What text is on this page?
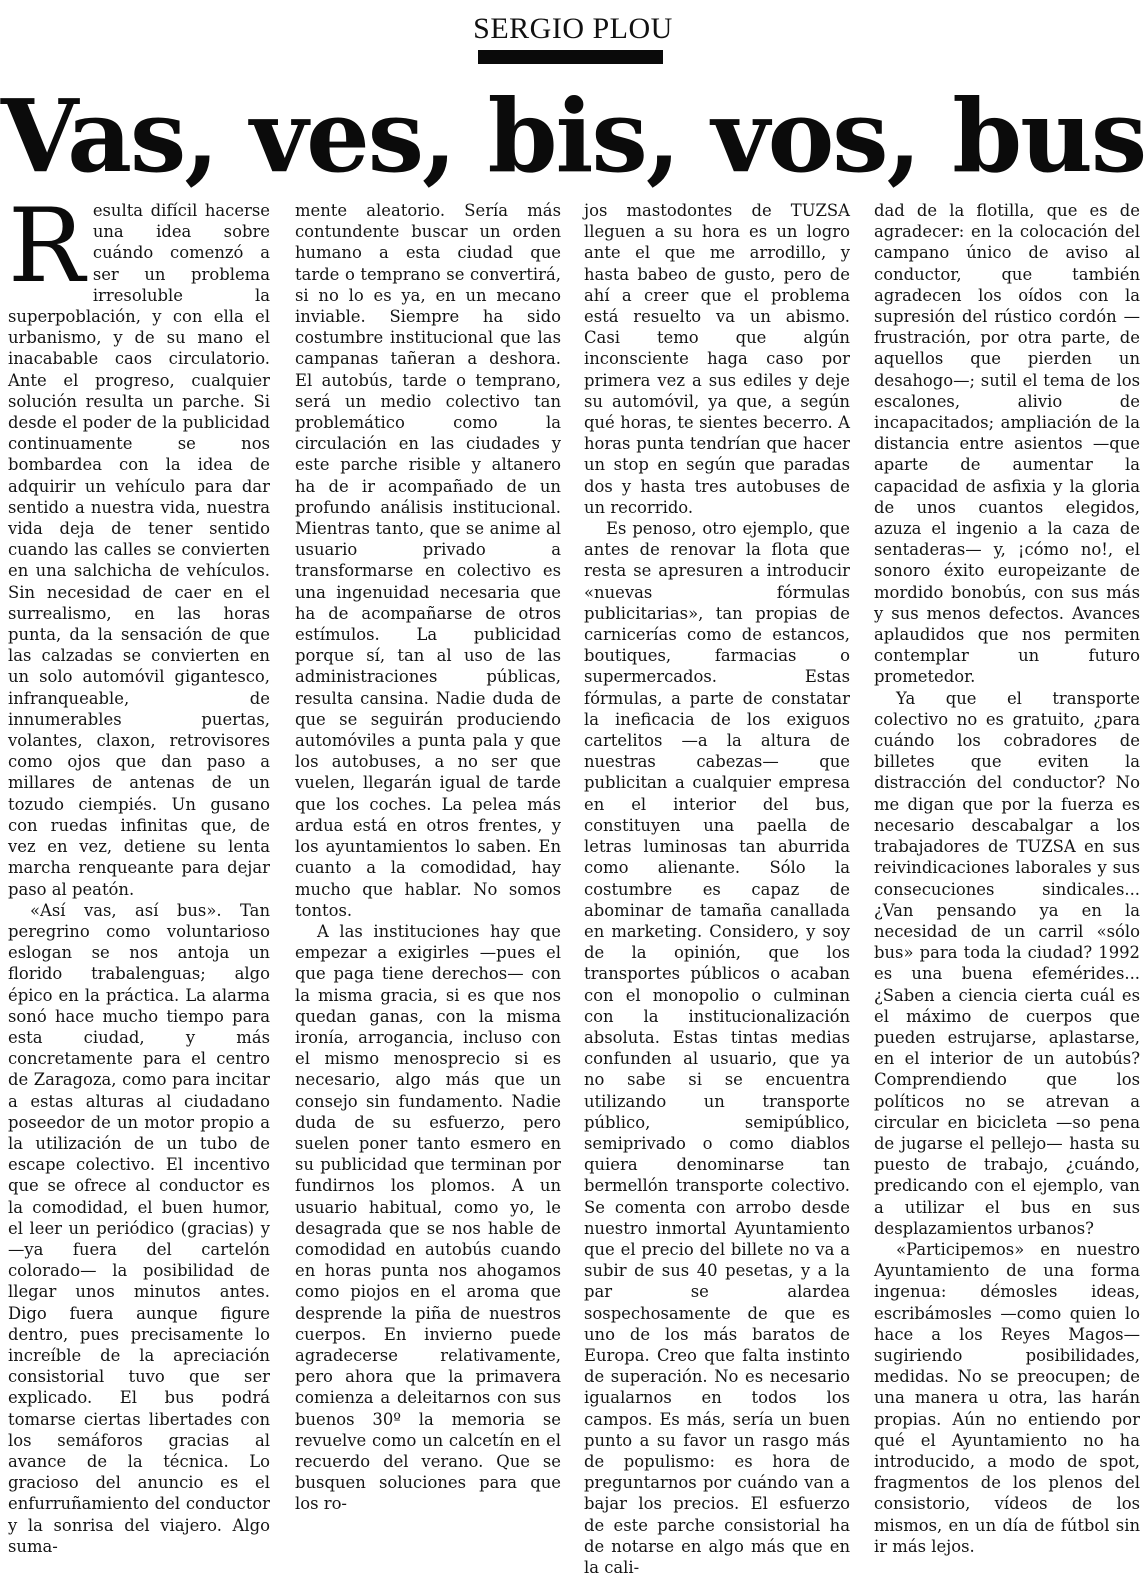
SERGIO PLOU
Vas, ves, bis, vos, bus

Resulta difícil hacerse una idea sobre cuándo comenzó a ser un problema irresoluble la superpoblación, y con ella el urbanismo, y de su mano el inacabable caos circulatorio. Ante el progreso, cualquier solución resulta un parche. Si desde el poder de la publicidad continuamente se nos bombardea con la idea de adquirir un vehículo para dar sentido a nuestra vida, nuestra vida deja de tener sentido cuando las calles se convierten en una salchicha de vehículos. Sin necesidad de caer en el surrealismo, en las horas punta, da la sensación de que las calzadas se convierten en un solo automóvil gigantesco, infranqueable, de innumerables puertas, volantes, claxon, retrovisores como ojos que dan paso a millares de antenas de un tozudo ciempiés. Un gusano con ruedas infinitas que, de vez en vez, detiene su lenta marcha renqueante para dejar paso al peatón.

«Así vas, así bus». Tan peregrino como voluntarioso eslogan se nos antoja un florido trabalenguas; algo épico en la práctica. La alarma sonó hace mucho tiempo para esta ciudad, y más concretamente para el centro de Zaragoza, como para incitar a estas alturas al ciudadano poseedor de un motor propio a la utilización de un tubo de escape colectivo. El incentivo que se ofrece al conductor es la comodidad, el buen humor, el leer un periódico (gracias) y —ya fuera del cartelón colorado— la posibilidad de llegar unos minutos antes. Digo fuera aunque figure dentro, pues precisamente lo increíble de la apreciación consistorial tuvo que ser explicado. El bus podrá tomarse ciertas libertades con los semáforos gracias al avance de la técnica. Lo gracioso del anuncio es el enfurruñamiento del conductor y la sonrisa del viajero. Algo suma-

mente aleatorio. Sería más contundente buscar un orden humano a esta ciudad que tarde o temprano se convertirá, si no lo es ya, en un mecano inviable. Siempre ha sido costumbre institucional que las campanas tañeran a deshora. El autobús, tarde o temprano, será un medio colectivo tan problemático como la circulación en las ciudades y este parche risible y altanero ha de ir acompañado de un profundo análisis institucional. Mientras tanto, que se anime al usuario privado a transformarse en colectivo es una ingenuidad necesaria que ha de acompañarse de otros estímulos. La publicidad porque sí, tan al uso de las administraciones públicas, resulta cansina. Nadie duda de que se seguirán produciendo automóviles a punta pala y que los autobuses, a no ser que vuelen, llegarán igual de tarde que los coches. La pelea más ardua está en otros frentes, y los ayuntamientos lo saben. En cuanto a la comodidad, hay mucho que hablar. No somos tontos.

A las instituciones hay que empezar a exigirles —pues el que paga tiene derechos— con la misma gracia, si es que nos quedan ganas, con la misma ironía, arrogancia, incluso con el mismo menosprecio si es necesario, algo más que un consejo sin fundamento. Nadie duda de su esfuerzo, pero suelen poner tanto esmero en su publicidad que terminan por fundirnos los plomos. A un usuario habitual, como yo, le desagrada que se nos hable de comodidad en autobús cuando en horas punta nos ahogamos como piojos en el aroma que desprende la piña de nuestros cuerpos. En invierno puede agradecerse relativamente, pero ahora que la primavera comienza a deleitarnos con sus buenos 30º la memoria se revuelve como un calcetín en el recuerdo del verano. Que se busquen soluciones para que los ro-

jos mastodontes de TUZSA lleguen a su hora es un logro ante el que me arrodillo, y hasta babeo de gusto, pero de ahí a creer que el problema está resuelto va un abismo. Casi temo que algún inconsciente haga caso por primera vez a sus ediles y deje su automóvil, ya que, a según qué horas, te sientes becerro. A horas punta tendrían que hacer un stop en según que paradas dos y hasta tres autobuses de un recorrido.

Es penoso, otro ejemplo, que antes de renovar la flota que resta se apresuren a introducir «nuevas fórmulas publicitarias», tan propias de carnicerías como de estancos, boutiques, farmacias o supermercados. Estas fórmulas, a parte de constatar la ineficacia de los exiguos cartelitos —a la altura de nuestras cabezas— que publicitan a cualquier empresa en el interior del bus, constituyen una paella de letras luminosas tan aburrida como alienante. Sólo la costumbre es capaz de abominar de tamaña canallada en marketing. Considero, y soy de la opinión, que los transportes públicos o acaban con el monopolio o culminan con la institucionalización absoluta. Estas tintas medias confunden al usuario, que ya no sabe si se encuentra utilizando un transporte público, semipúblico, semiprivado o como diablos quiera denominarse tan bermellón transporte colectivo. Se comenta con arrobo desde nuestro inmortal Ayuntamiento que el precio del billete no va a subir de sus 40 pesetas, y a la par se alardea sospechosamente de que es uno de los más baratos de Europa. Creo que falta instinto de superación. No es necesario igualarnos en todos los campos. Es más, sería un buen punto a su favor un rasgo más de populismo: es hora de preguntarnos por cuándo van a bajar los precios. El esfuerzo de este parche consistorial ha de notarse en algo más que en la cali-

dad de la flotilla, que es de agradecer: en la colocación del campano único de aviso al conductor, que también agradecen los oídos con la supresión del rústico cordón —frustración, por otra parte, de aquellos que pierden un desahogo—; sutil el tema de los escalones, alivio de incapacitados; ampliación de la distancia entre asientos —que aparte de aumentar la capacidad de asfixia y la gloria de unos cuantos elegidos, azuza el ingenio a la caza de sentaderas— y, ¡cómo no!, el sonoro éxito europeizante de mordido bonobús, con sus más y sus menos defectos. Avances aplaudidos que nos permiten contemplar un futuro prometedor.

Ya que el transporte colectivo no es gratuito, ¿para cuándo los cobradores de billetes que eviten la distracción del conductor? No me digan que por la fuerza es necesario descabalgar a los trabajadores de TUZSA en sus reivindicaciones laborales y sus consecuciones sindicales... ¿Van pensando ya en la necesidad de un carril «sólo bus» para toda la ciudad? 1992 es una buena efemérides... ¿Saben a ciencia cierta cuál es el máximo de cuerpos que pueden estrujarse, aplastarse, en el interior de un autobús? Comprendiendo que los políticos no se atrevan a circular en bicicleta —so pena de jugarse el pellejo— hasta su puesto de trabajo, ¿cuándo, predicando con el ejemplo, van a utilizar el bus en sus desplazamientos urbanos?

«Participemos» en nuestro Ayuntamiento de una forma ingenua: démosles ideas, escribámosles —como quien lo hace a los Reyes Magos— sugiriendo posibilidades, medidas. No se preocupen; de una manera u otra, las harán propias. Aún no entiendo por qué el Ayuntamiento no ha introducido, a modo de spot, fragmentos de los plenos del consistorio, vídeos de los mismos, en un día de fútbol sin ir más lejos.
